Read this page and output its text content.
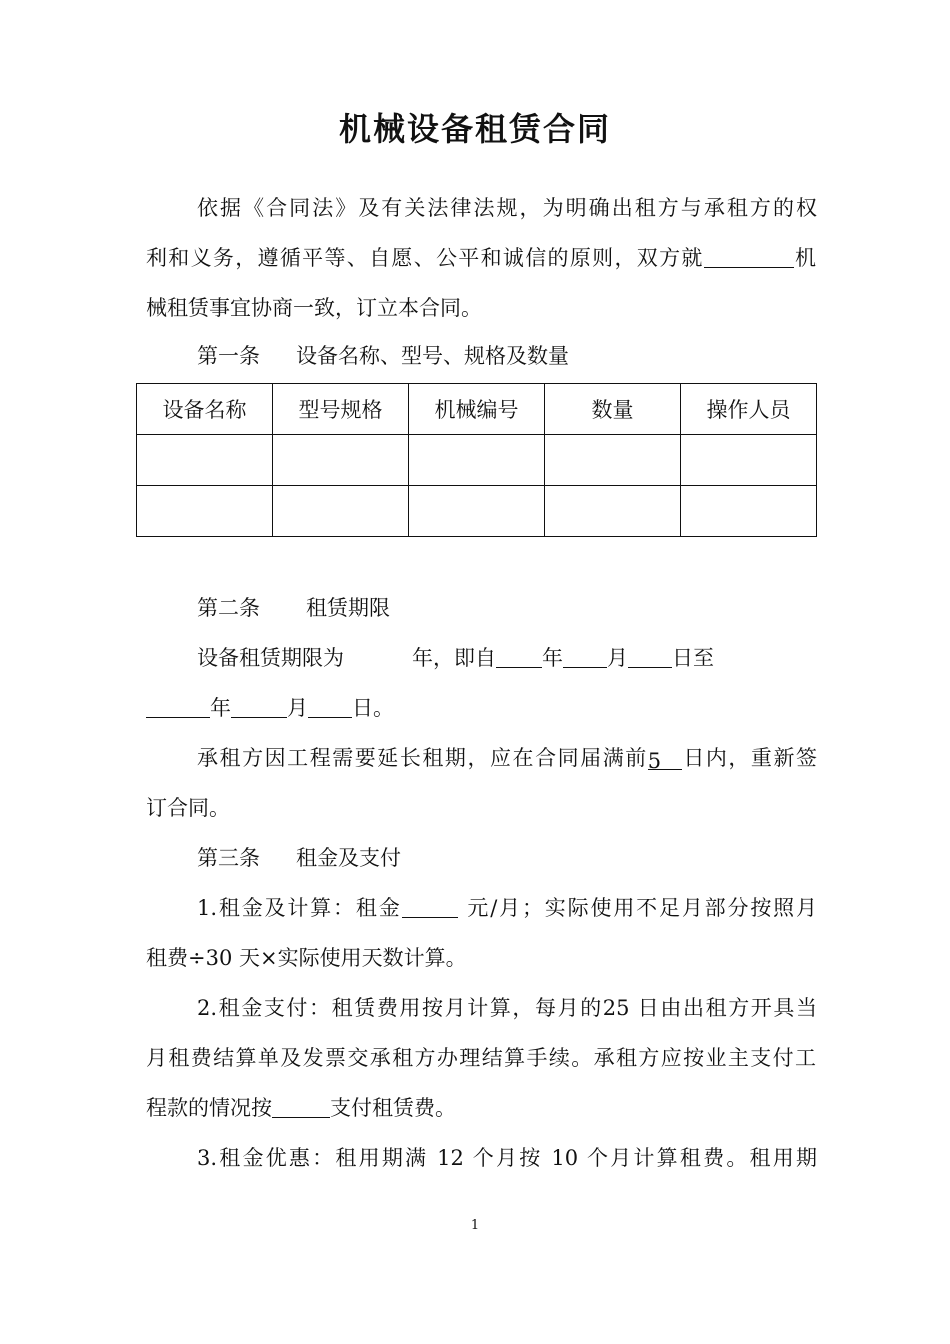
机械设备租赁合同
依据《合同法》及有关法律法规，为明确出租方与承租方的权
利和义务，遵循平等、自愿、公平和诚信的原则，双方就	机
械租赁事宜协商一致，订立本合同。
第一条 设备名称、型号、规格及数量
设备名称	型号规格	机械编号	数量	操作人员

第二条 租赁期限
设备租赁期限为	年，即自 年 月 日至
年	月 日。
承租方因工程需要延长租期，应在合同届满前5 日内，重新签
订合同。
第三条 租金及支付
1.租金及计算：租金	元/月；实际使用不足月部分按照月
租费÷30 天×实际使用天数计算。
2.租金支付：租赁费用按月计算，每月的25 日由出租方开具当
月租费结算单及发票交承租方办理结算手续。承租方应按业主支付工
程款的情况按	支付租赁费。
3.租金优惠：租用期满 12 个月按 10 个月计算租费。租用期
1
